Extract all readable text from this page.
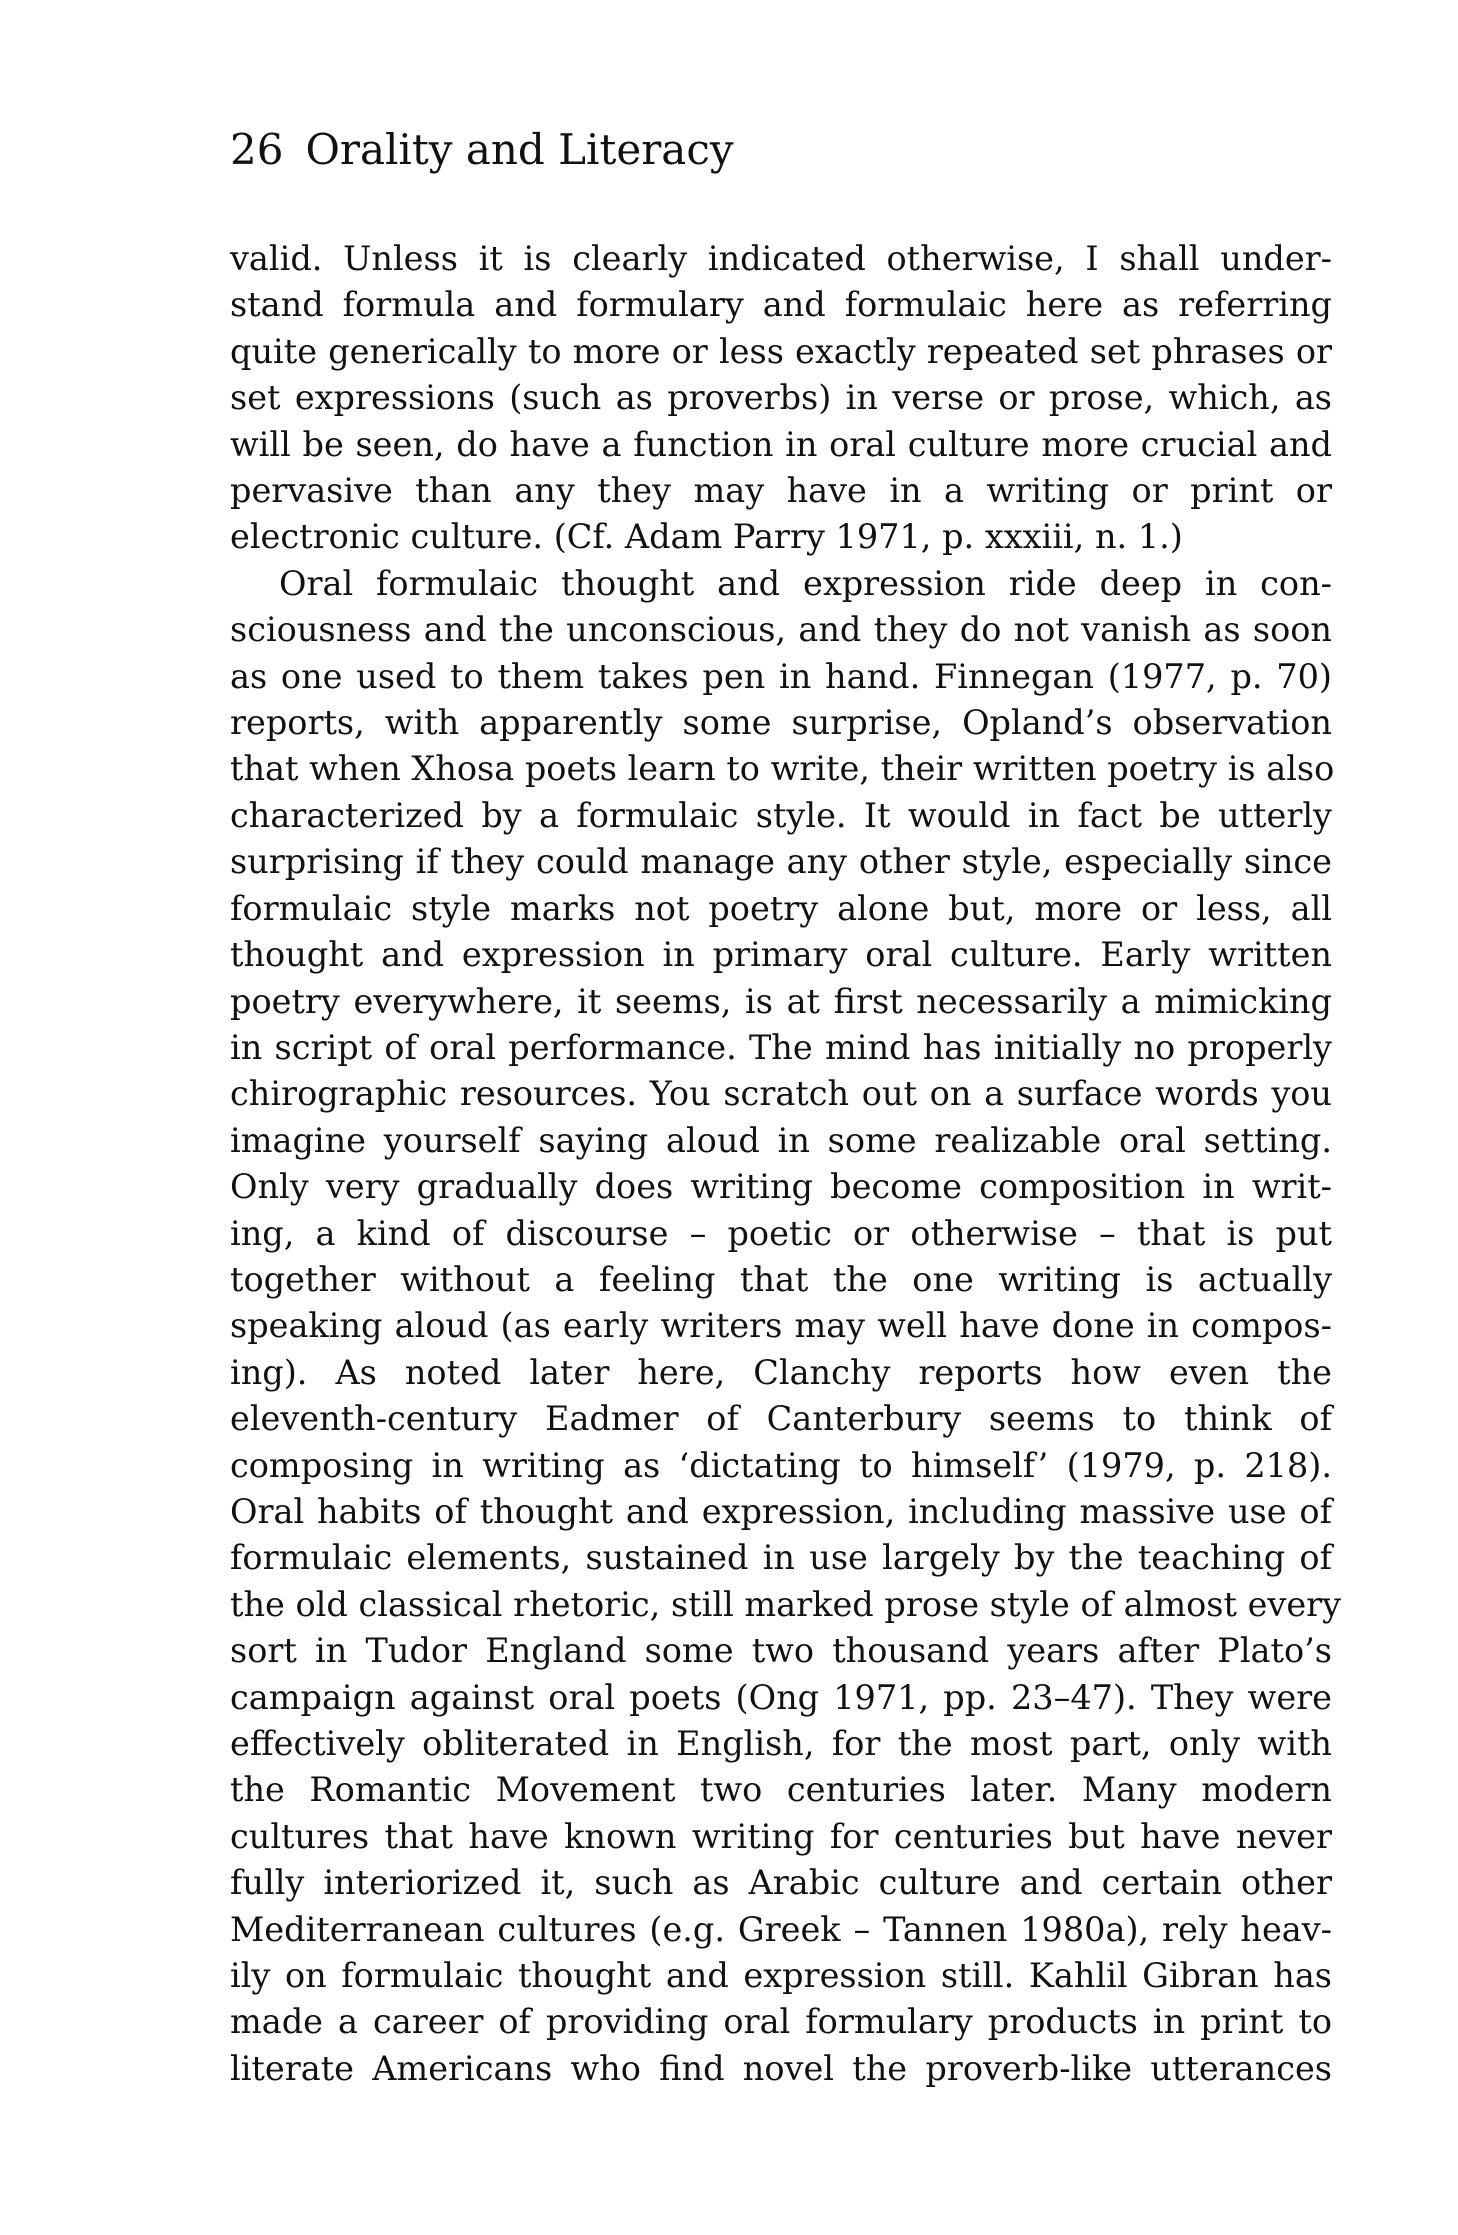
26 Orality and Literacy
valid. Unless it is clearly indicated otherwise, I shall under-
stand formula and formulary and formulaic here as referring
quite generically to more or less exactly repeated set phrases or
set expressions (such as proverbs) in verse or prose, which, as
will be seen, do have a function in oral culture more crucial and
pervasive than any they may have in a writing or print or
electronic culture. (Cf. Adam Parry 1971, p. xxxiii, n. 1.)
Oral formulaic thought and expression ride deep in con-
sciousness and the unconscious, and they do not vanish as soon
as one used to them takes pen in hand. Finnegan (1977, p. 70)
reports, with apparently some surprise, Opland’s observation
that when Xhosa poets learn to write, their written poetry is also
characterized by a formulaic style. It would in fact be utterly
surprising if they could manage any other style, especially since
formulaic style marks not poetry alone but, more or less, all
thought and expression in primary oral culture. Early written
poetry everywhere, it seems, is at first necessarily a mimicking
in script of oral performance. The mind has initially no properly
chirographic resources. You scratch out on a surface words you
imagine yourself saying aloud in some realizable oral setting.
Only very gradually does writing become composition in writ-
ing, a kind of discourse – poetic or otherwise – that is put
together without a feeling that the one writing is actually
speaking aloud (as early writers may well have done in compos-
ing). As noted later here, Clanchy reports how even the
eleventh-century Eadmer of Canterbury seems to think of
composing in writing as ‘dictating to himself’ (1979, p. 218).
Oral habits of thought and expression, including massive use of
formulaic elements, sustained in use largely by the teaching of
the old classical rhetoric, still marked prose style of almost every
sort in Tudor England some two thousand years after Plato’s
campaign against oral poets (Ong 1971, pp. 23–47). They were
effectively obliterated in English, for the most part, only with
the Romantic Movement two centuries later. Many modern
cultures that have known writing for centuries but have never
fully interiorized it, such as Arabic culture and certain other
Mediterranean cultures (e.g. Greek – Tannen 1980a), rely heav-
ily on formulaic thought and expression still. Kahlil Gibran has
made a career of providing oral formulary products in print to
literate Americans who find novel the proverb-like utterances
